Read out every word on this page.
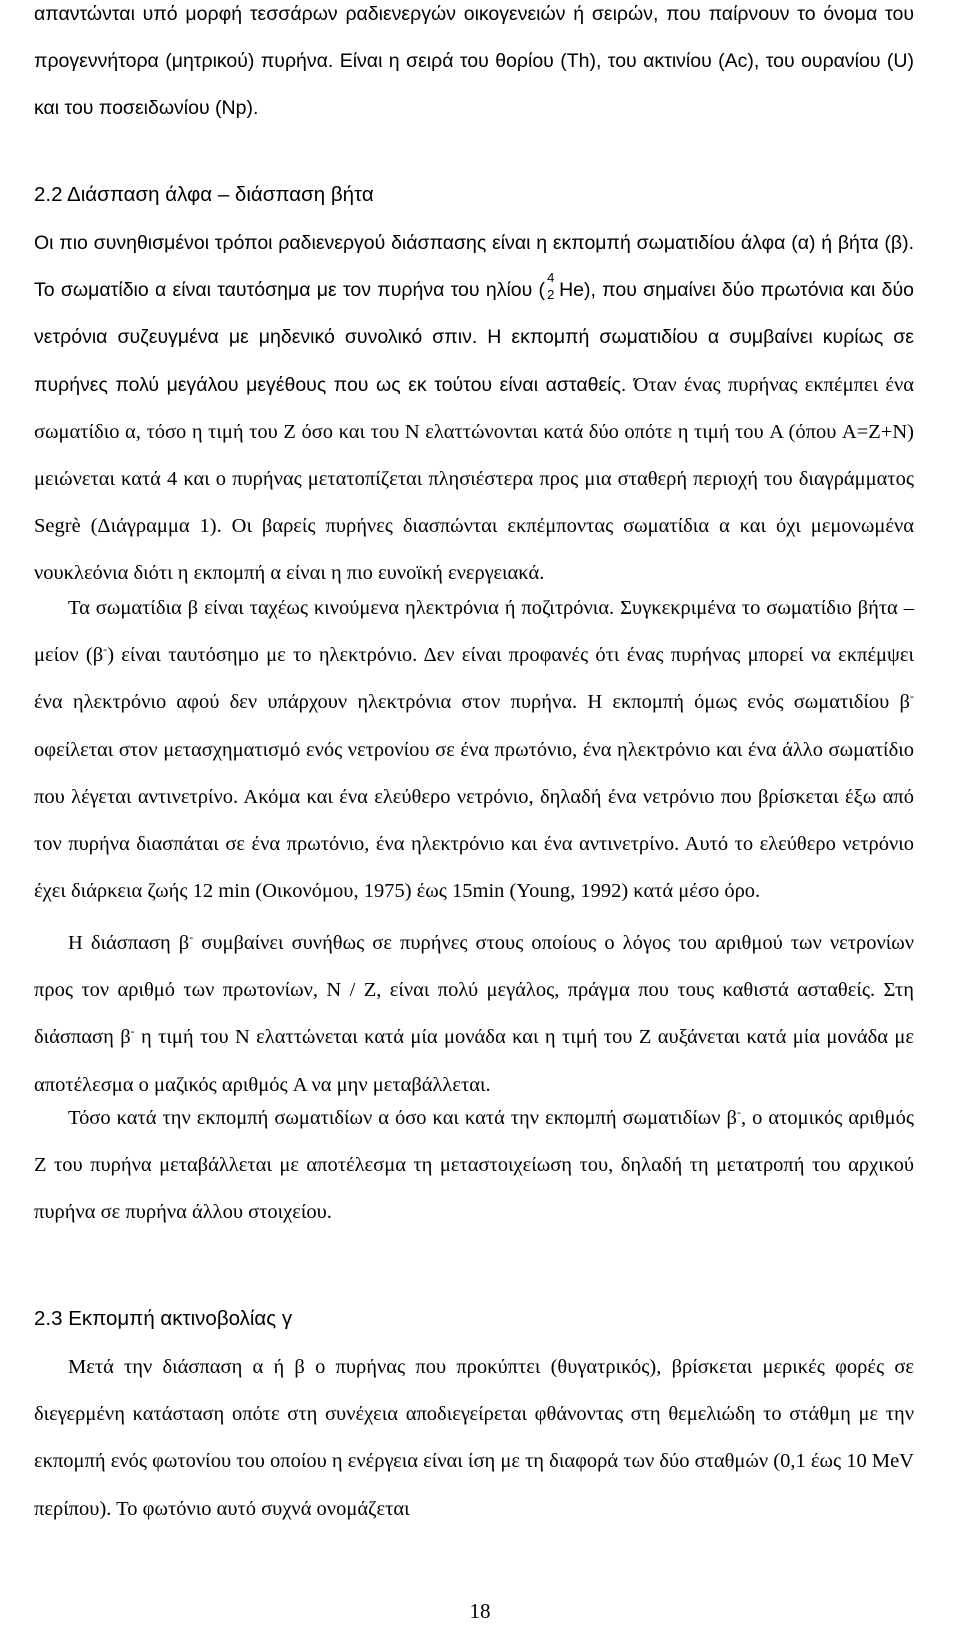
απαντώνται υπό μορφή τεσσάρων ραδιενεργών οικογενειών ή σειρών, που παίρνουν το όνομα του προγεννήτορα (μητρικού) πυρήνα. Είναι η σειρά του θορίου (Th), του ακτινίου (Ac), του ουρανίου (U) και του ποσειδωνίου (Np).

2.2 Διάσπαση άλφα – διάσπαση βήτα

Οι πιο συνηθισμένοι τρόποι ραδιενεργού διάσπασης είναι η εκπομπή σωματιδίου άλφα (α) ή βήτα (β). Το σωματίδιο α είναι ταυτόσημα με τον πυρήνα του ηλίου (
4
2 He), που σημαίνει δύο πρωτόνια και δύο νετρόνια συζευγμένα με μηδενικό συνολικό σπιν. Η εκπομπή σωματιδίου α συμβαίνει κυρίως σε πυρήνες πολύ μεγάλου μεγέθους που ως εκ τούτου είναι ασταθείς. Όταν ένας πυρήνας εκπέμπει ένα σωματίδιο α, τόσο η τιμή του Z όσο και του N ελαττώνονται κατά δύο οπότε η τιμή του A (όπου A=Z+N) μειώνεται κατά 4 και ο πυρήνας μετατοπίζεται πλησιέστερα προς μια σταθερή περιοχή του διαγράμματος Segrè (Διάγραμμα 1). Οι βαρείς πυρήνες διασπώνται εκπέμποντας σωματίδια α και όχι μεμονωμένα νουκλεόνια διότι η εκπομπή α είναι η πιο ευνοϊκή ενεργειακά.

Τα σωματίδια β είναι ταχέως κινούμενα ηλεκτρόνια ή ποζιτρόνια. Συγκεκριμένα το σωματίδιο βήτα – μείον (β-) είναι ταυτόσημο με το ηλεκτρόνιο. Δεν είναι προφανές ότι ένας πυρήνας μπορεί να εκπέμψει ένα ηλεκτρόνιο αφού δεν υπάρχουν ηλεκτρόνια στον πυρήνα. Η εκπομπή όμως ενός σωματιδίου β- οφείλεται στον μετασχηματισμό ενός νετρονίου σε ένα πρωτόνιο, ένα ηλεκτρόνιο και ένα άλλο σωματίδιο που λέγεται αντινετρίνο. Ακόμα και ένα ελεύθερο νετρόνιο, δηλαδή ένα νετρόνιο που βρίσκεται έξω από τον πυρήνα διασπάται σε ένα πρωτόνιο, ένα ηλεκτρόνιο και ένα αντινετρίνο. Αυτό το ελεύθερο νετρόνιο έχει διάρκεια ζωής 12 min (Οικονόμου, 1975) έως 15min (Young, 1992) κατά μέσο όρο.

Η διάσπαση β- συμβαίνει συνήθως σε πυρήνες στους οποίους ο λόγος του αριθμού των νετρονίων προς τον αριθμό των πρωτονίων, N / Z, είναι πολύ μεγάλος, πράγμα που τους καθιστά ασταθείς. Στη διάσπαση β- η τιμή του N ελαττώνεται κατά μία μονάδα και η τιμή του Z αυξάνεται κατά μία μονάδα με αποτέλεσμα ο μαζικός αριθμός A να μην μεταβάλλεται.

Τόσο κατά την εκπομπή σωματιδίων α όσο και κατά την εκπομπή σωματιδίων β-, ο ατομικός αριθμός Z του πυρήνα μεταβάλλεται με αποτέλεσμα τη μεταστοιχείωση του, δηλαδή τη μετατροπή του αρχικού πυρήνα σε πυρήνα άλλου στοιχείου.

2.3 Εκπομπή ακτινοβολίας γ

Μετά την διάσπαση α ή β ο πυρήνας που προκύπτει (θυγατρικός), βρίσκεται μερικές φορές σε διεγερμένη κατάσταση οπότε στη συνέχεια αποδιεγείρεται φθάνοντας στη θεμελιώδη το στάθμη με την εκπομπή ενός φωτονίου του οποίου η ενέργεια είναι ίση με τη διαφορά των δύο σταθμών (0,1 έως 10 MeV περίπου). Το φωτόνιο αυτό συχνά ονομάζεται

18
